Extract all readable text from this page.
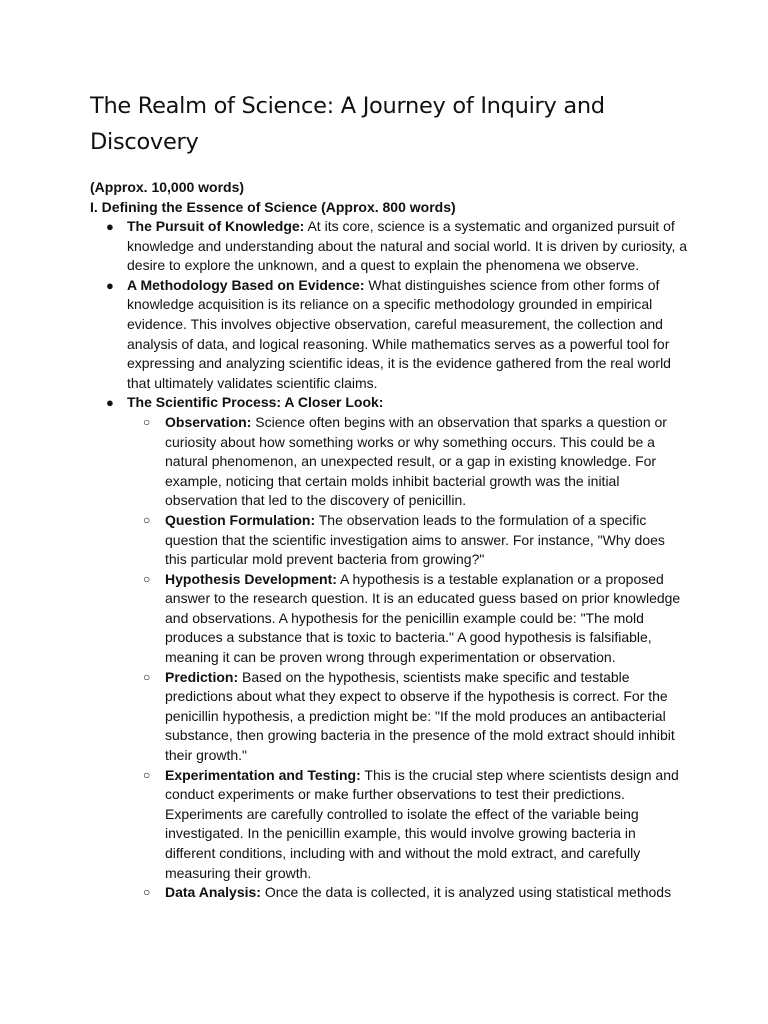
The Realm of Science: A Journey of Inquiry and Discovery

(Approx. 10,000 words)

I. Defining the Essence of Science (Approx. 800 words)

● The Pursuit of Knowledge: At its core, science is a systematic and organized pursuit of knowledge and understanding about the natural and social world. It is driven by curiosity, a desire to explore the unknown, and a quest to explain the phenomena we observe.
● A Methodology Based on Evidence: What distinguishes science from other forms of knowledge acquisition is its reliance on a specific methodology grounded in empirical evidence. This involves objective observation, careful measurement, the collection and analysis of data, and logical reasoning. While mathematics serves as a powerful tool for expressing and analyzing scientific ideas, it is the evidence gathered from the real world that ultimately validates scientific claims.
● The Scientific Process: A Closer Look:
○ Observation: Science often begins with an observation that sparks a question or curiosity about how something works or why something occurs. This could be a natural phenomenon, an unexpected result, or a gap in existing knowledge. For example, noticing that certain molds inhibit bacterial growth was the initial observation that led to the discovery of penicillin.
○ Question Formulation: The observation leads to the formulation of a specific question that the scientific investigation aims to answer. For instance, "Why does this particular mold prevent bacteria from growing?"
○ Hypothesis Development: A hypothesis is a testable explanation or a proposed answer to the research question. It is an educated guess based on prior knowledge and observations. A hypothesis for the penicillin example could be: "The mold produces a substance that is toxic to bacteria." A good hypothesis is falsifiable, meaning it can be proven wrong through experimentation or observation.
○ Prediction: Based on the hypothesis, scientists make specific and testable predictions about what they expect to observe if the hypothesis is correct. For the penicillin hypothesis, a prediction might be: "If the mold produces an antibacterial substance, then growing bacteria in the presence of the mold extract should inhibit their growth."
○ Experimentation and Testing: This is the crucial step where scientists design and conduct experiments or make further observations to test their predictions. Experiments are carefully controlled to isolate the effect of the variable being investigated. In the penicillin example, this would involve growing bacteria in different conditions, including with and without the mold extract, and carefully measuring their growth.
○ Data Analysis: Once the data is collected, it is analyzed using statistical methods
